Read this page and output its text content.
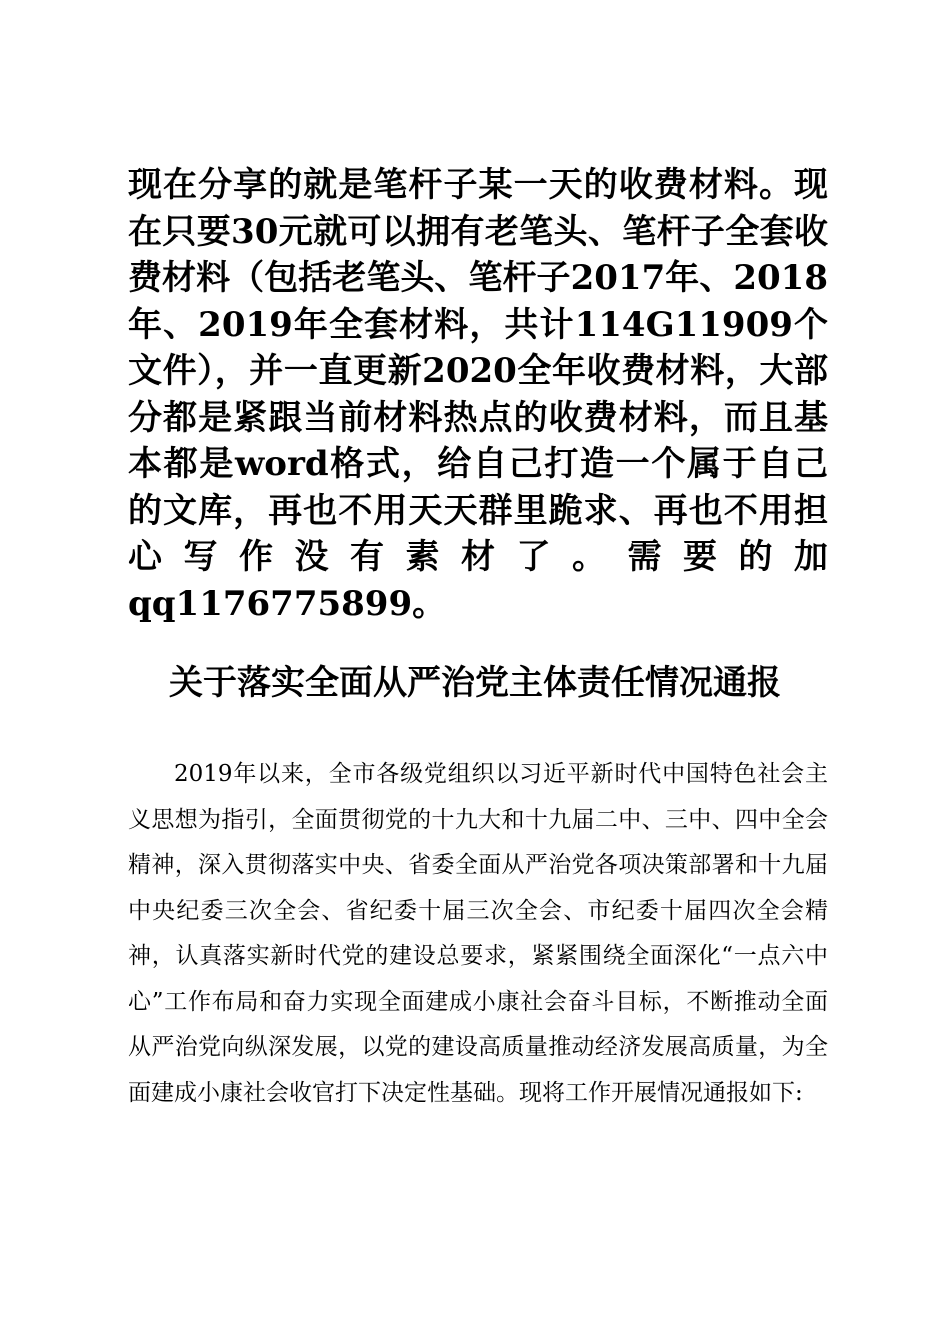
现在分享的就是笔杆子某一天的收费材料。现在只要30元就可以拥有老笔头、笔杆子全套收费材料（包括老笔头、笔杆子2017年、2018年、2019年全套材料，共计114G11909个文件），并一直更新2020全年收费材料，大部分都是紧跟当前材料热点的收费材料，而且基本都是word格式，给自己打造一个属于自己的文库，再也不用天天群里跪求、再也不用担心写作没有素材了。需要的加qq1176775899。

关于落实全面从严治党主体责任情况通报

2019年以来，全市各级党组织以习近平新时代中国特色社会主义思想为指引，全面贯彻党的十九大和十九届二中、三中、四中全会精神，深入贯彻落实中央、省委全面从严治党各项决策部署和十九届中央纪委三次全会、省纪委十届三次全会、市纪委十届四次全会精神，认真落实新时代党的建设总要求，紧紧围绕全面深化“一点六中心”工作布局和奋力实现全面建成小康社会奋斗目标，不断推动全面从严治党向纵深发展，以党的建设高质量推动经济发展高质量，为全面建成小康社会收官打下决定性基础。现将工作开展情况通报如下:
